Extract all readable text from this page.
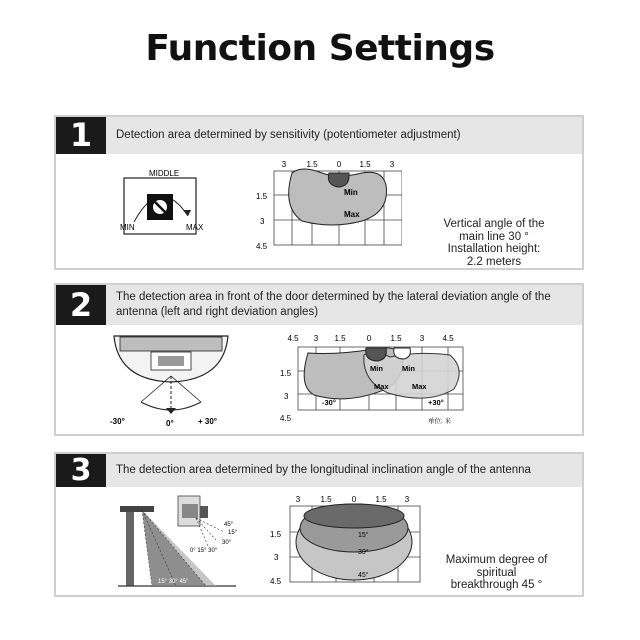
Function Settings
1	Detection area determined by sensitivity (potentiometer adjustment)
MIDDLE
MIN	MAX
3	1.5 0 1.5 3
1.5
3
4.5
Min
Max
Vertical angle of the
main line 30 °
Installation height:
2.2 meters
2	The detection area in front of the door determined by the lateral deviation angle of the antenna (left and right deviation angles)
-30°	0°	+ 30°
4.5 3 1.5	0 1.5 3 4.5
1.5
3
4.5
Min	Min
Max	Max
-30°	+30°
单位: 米
3	The detection area determined by the longitudinal inclination angle of the antenna
15° 30° 45°
0° 15° 30°
15°
30°
45°
3	1.5	0 1.5 3
1.5
3
4.5
15°
30°
45°
Maximum degree of
spiritual
breakthrough 45 °
